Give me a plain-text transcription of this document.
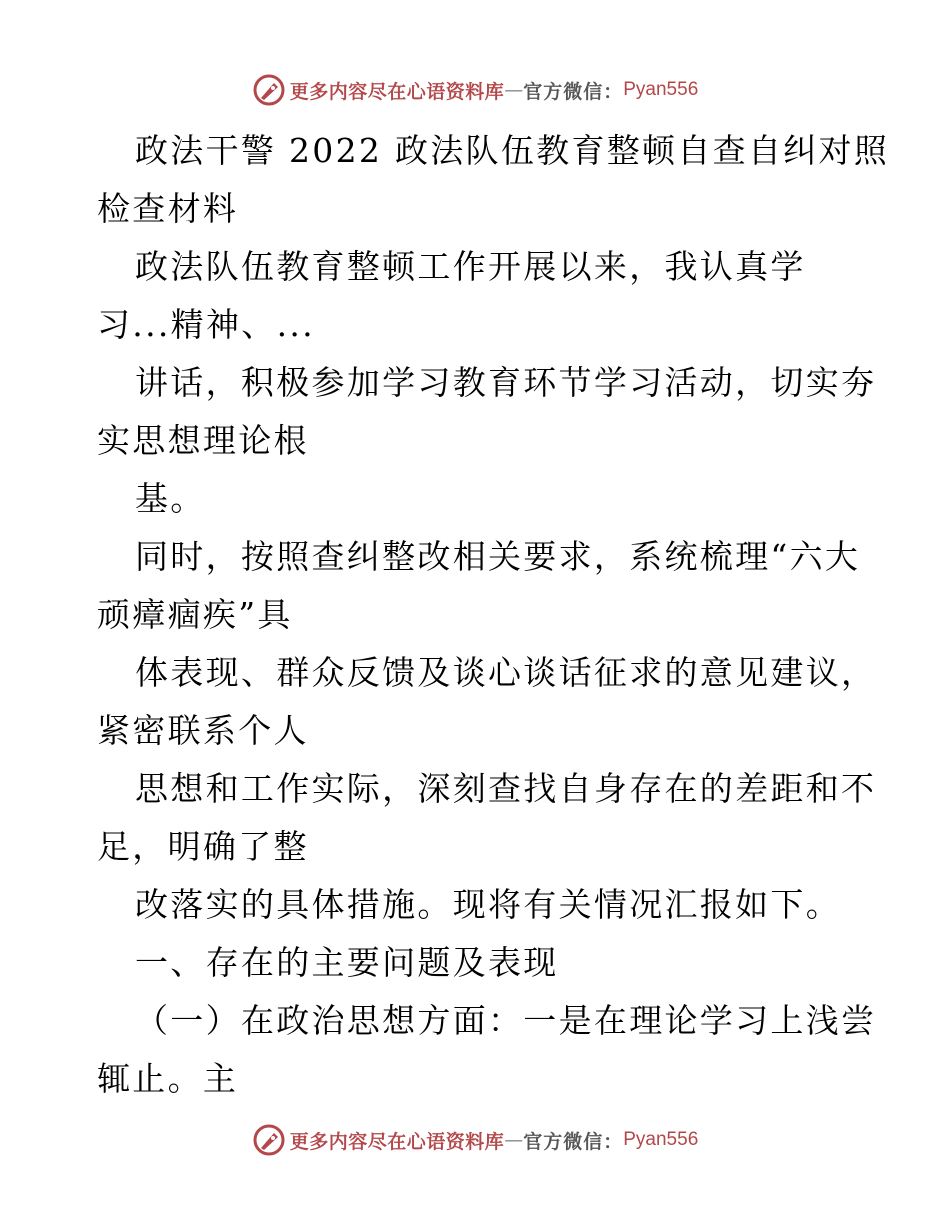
更多内容尽在心语资料库 — 官方微信： Pyan556
政法干警 2022 政法队伍教育整顿自查自纠对照
检查材料
政法队伍教育整顿工作开展以来，我认真学
习...精神、...
讲话，积极参加学习教育环节学习活动，切实夯
实思想理论根
基。
同时，按照查纠整改相关要求，系统梳理“六大
顽瘴痼疾”具
体表现、群众反馈及谈心谈话征求的意见建议，
紧密联系个人
思想和工作实际，深刻查找自身存在的差距和不
足，明确了整
改落实的具体措施。现将有关情况汇报如下。
一、存在的主要问题及表现
（一）在政治思想方面：一是在理论学习上浅尝
辄止。主
更多内容尽在心语资料库 — 官方微信： Pyan556
